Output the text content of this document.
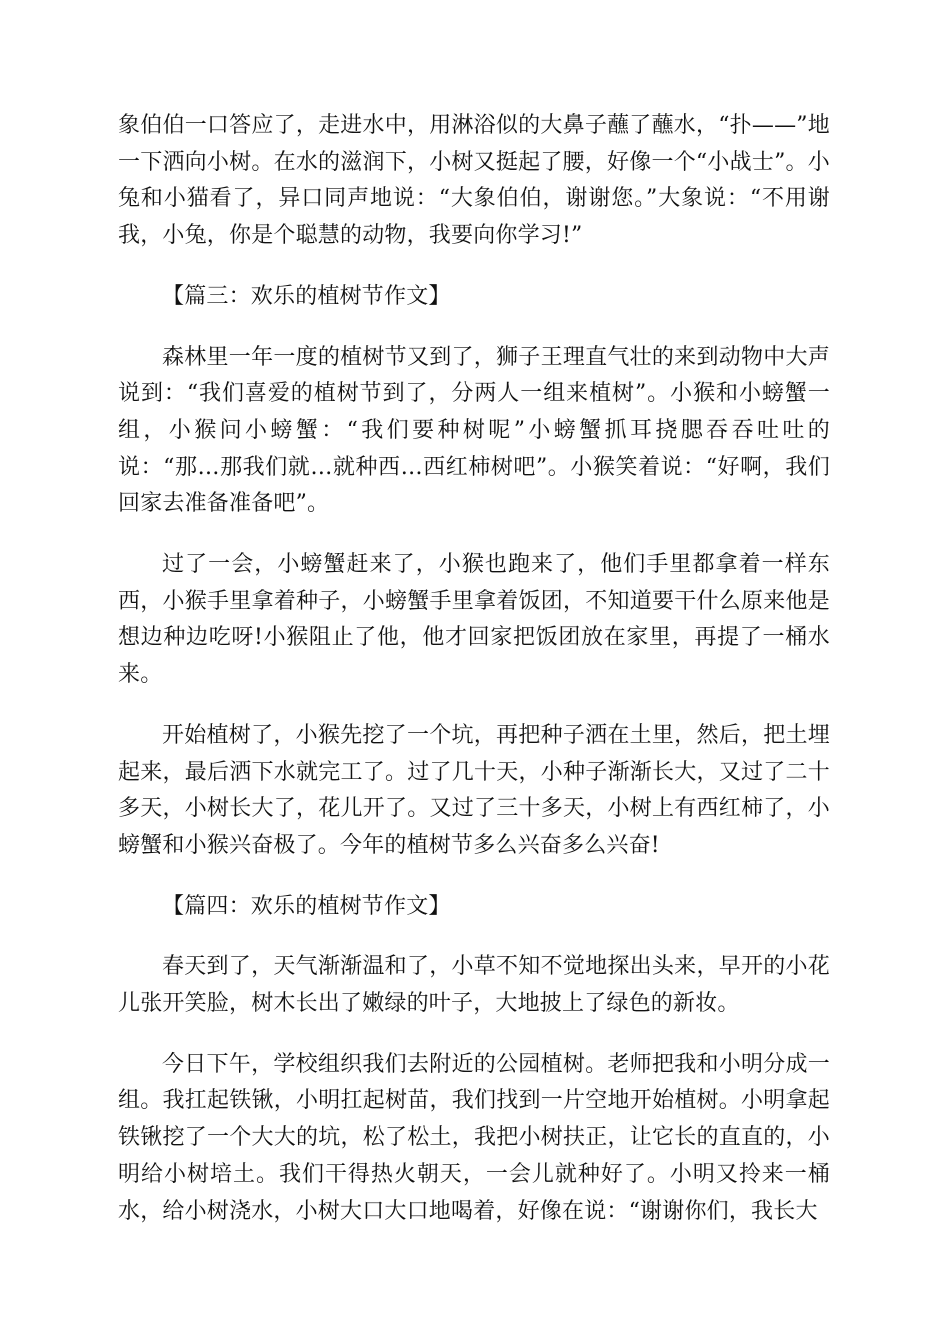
象伯伯一口答应了，走进水中，用淋浴似的大鼻子蘸了蘸水，“扑——”地一下洒向小树。在水的滋润下，小树又挺起了腰，好像一个“小战士”。小兔和小猫看了，异口同声地说：“大象伯伯，谢谢您。”大象说：“不用谢我，小兔，你是个聪慧的动物，我要向你学习!”

【篇三：欢乐的植树节作文】

森林里一年一度的植树节又到了，狮子王理直气壮的来到动物中大声说到：“我们喜爱的植树节到了，分两人一组来植树”。小猴和小螃蟹一组，小猴问小螃蟹：“我们要种树呢”小螃蟹抓耳挠腮吞吞吐吐的说：“那…那我们就…就种西…西红柿树吧”。小猴笑着说：“好啊，我们回家去准备准备吧”。

过了一会，小螃蟹赶来了，小猴也跑来了，他们手里都拿着一样东西，小猴手里拿着种子，小螃蟹手里拿着饭团，不知道要干什么原来他是想边种边吃呀!小猴阻止了他，他才回家把饭团放在家里，再提了一桶水来。

开始植树了，小猴先挖了一个坑，再把种子洒在土里，然后，把土埋起来，最后洒下水就完工了。过了几十天，小种子渐渐长大，又过了二十多天，小树长大了，花儿开了。又过了三十多天，小树上有西红柿了，小螃蟹和小猴兴奋极了。今年的植树节多么兴奋多么兴奋!

【篇四：欢乐的植树节作文】

春天到了，天气渐渐温和了，小草不知不觉地探出头来，早开的小花儿张开笑脸，树木长出了嫩绿的叶子，大地披上了绿色的新妆。

今日下午，学校组织我们去附近的公园植树。老师把我和小明分成一组。我扛起铁锹，小明扛起树苗，我们找到一片空地开始植树。小明拿起铁锹挖了一个大大的坑，松了松土，我把小树扶正，让它长的直直的，小明给小树培土。我们干得热火朝天，一会儿就种好了。小明又拎来一桶水，给小树浇水，小树大口大口地喝着，好像在说：“谢谢你们，我长大
